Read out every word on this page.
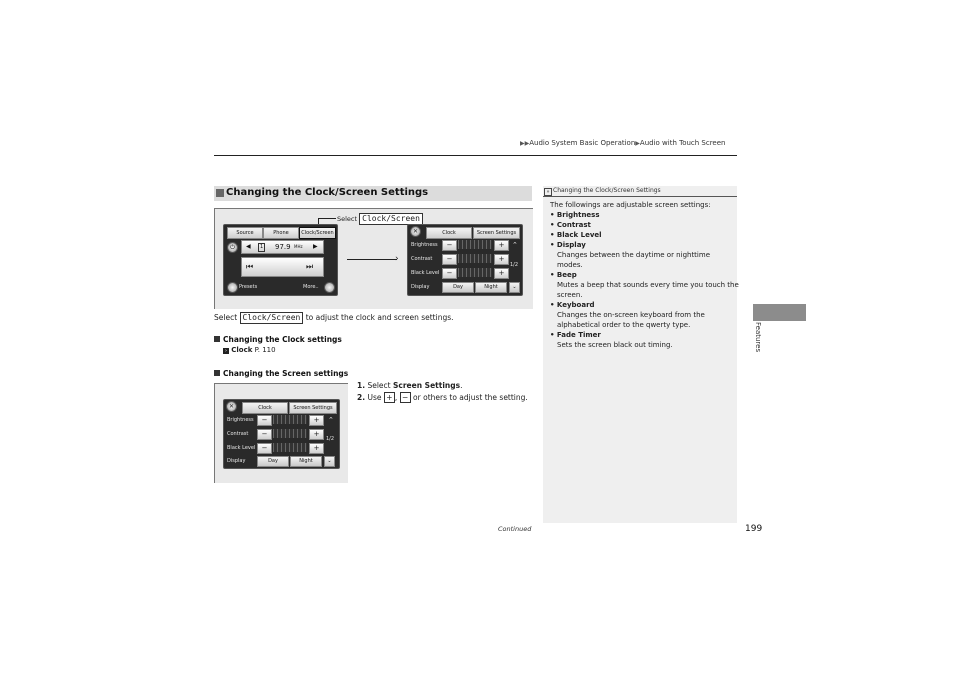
▶▶Audio System Basic Operation▶Audio with Touch Screen
Changing the Clock/Screen Settings
Select Clock/Screen
Source	Phone	Clock/Screen
⏻	◀	1 97.9 MHz ▶
⏮	⏭
Presets	More..
›
✕	Clock	Screen Settings
Brightness	−	+	⌃
Contrast	−	+
1/2
Black Level	−	+
Display	Day	Night	⌄
Select Clock/Screen to adjust the clock and screen settings.
Changing the Clock settings
› Clock P. 110
Changing the Screen settings
1. Select Screen Settings.
2. Use + , − or others to adjust the setting.
✕	Clock	Screen Settings
Brightness	−	+	⌃
Contrast	−	+
1/2
Black Level −	+
Display	Day	Night	⌄
» Changing the Clock/Screen Settings
The followings are adjustable screen settings:
• Brightness
• Contrast
• Black Level
• Display
Changes between the daytime or nighttime
modes.
• Beep
Mutes a beep that sounds every time you touch the
screen.
• Keyboard
Changes the on-screen keyboard from the
alphabetical order to the qwerty type.
• Fade Timer
Sets the screen black out timing.	Features
Continued	199
